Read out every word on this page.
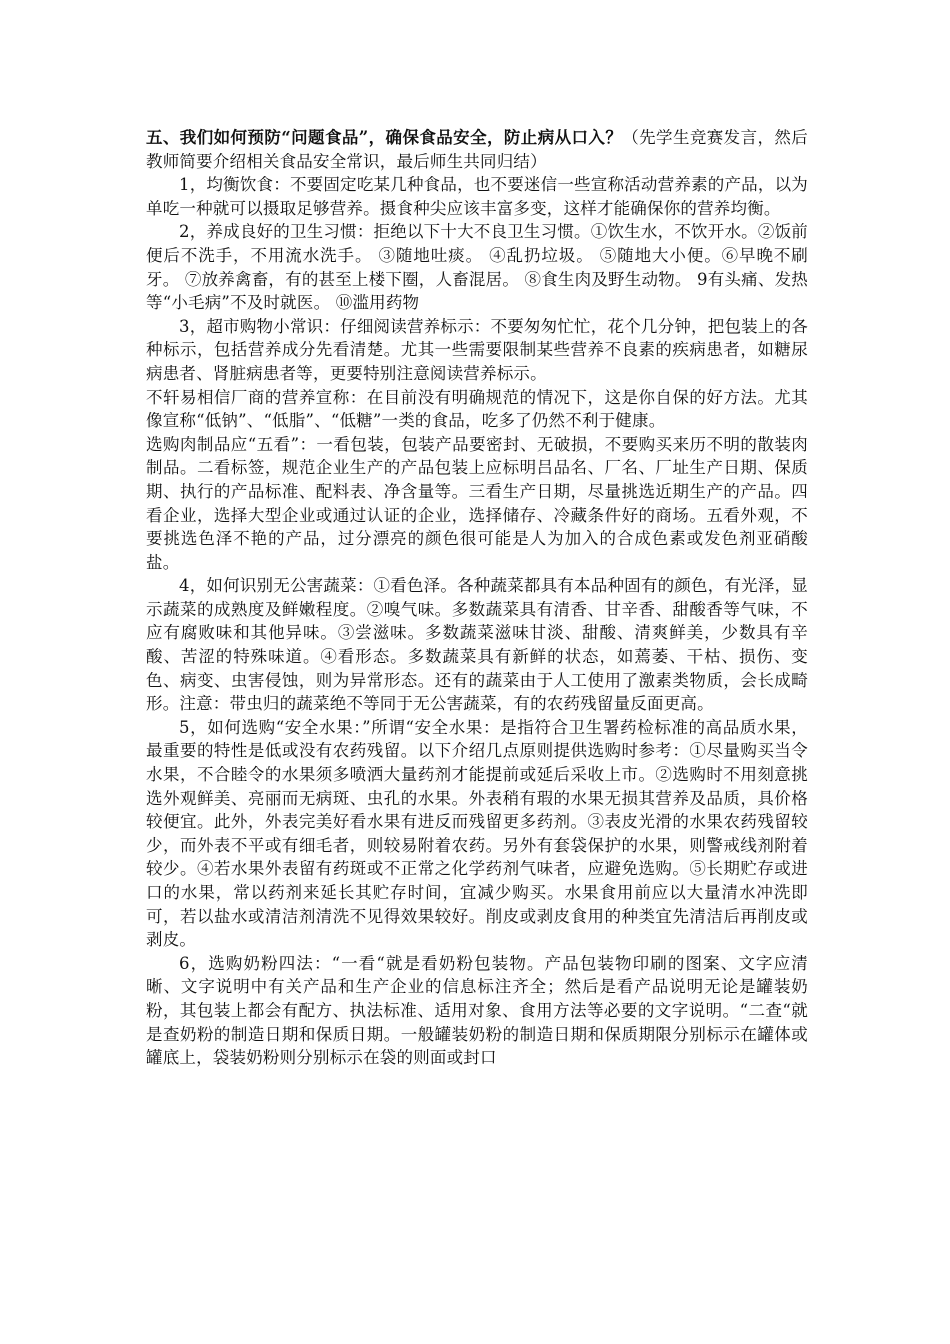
五、我们如何预防“问题食品”，确保食品安全，防止病从口入？（先学生竞赛发言，然后教师简要介绍相关食品安全常识，最后师生共同归结）

1，均衡饮食：不要固定吃某几种食品，也不要迷信一些宣称活动营养素的产品，以为单吃一种就可以摄取足够营养。摄食种尖应该丰富多变，这样才能确保你的营养均衡。

2，养成良好的卫生习惯：拒绝以下十大不良卫生习惯。①饮生水，不饮开水。②饭前便后不洗手，不用流水洗手。 ③随地吐痰。 ④乱扔垃圾。 ⑤随地大小便。⑥早晚不刷牙。 ⑦放养禽畜，有的甚至上楼下圈，人畜混居。 ⑧食生肉及野生动物。 9有头痛、发热等“小毛病”不及时就医。 ⑩滥用药物

3，超市购物小常识：仔细阅读营养标示：不要匆匆忙忙，花个几分钟，把包装上的各种标示，包括营养成分先看清楚。尤其一些需要限制某些营养不良素的疾病患者，如糖尿病患者、肾脏病患者等，更要特别注意阅读营养标示。

不轩易相信厂商的营养宣称：在目前没有明确规范的情况下，这是你自保的好方法。尤其像宣称“低钠”、“低脂”、“低糖”一类的食品，吃多了仍然不利于健康。

选购肉制品应“五看”：一看包装，包装产品要密封、无破损，不要购买来历不明的散装肉制品。二看标签，规范企业生产的产品包装上应标明吕品名、厂名、厂址生产日期、保质期、执行的产品标准、配料表、净含量等。三看生产日期，尽量挑选近期生产的产品。四看企业，选择大型企业或通过认证的企业，选择储存、冷藏条件好的商场。五看外观，不要挑选色泽不艳的产品，过分漂亮的颜色很可能是人为加入的合成色素或发色剂亚硝酸盐。

4，如何识别无公害蔬菜：①看色泽。各种蔬菜都具有本品种固有的颜色，有光泽，显示蔬菜的成熟度及鲜嫩程度。②嗅气味。多数蔬菜具有清香、甘辛香、甜酸香等气味，不应有腐败味和其他异味。③尝滋味。多数蔬菜滋味甘淡、甜酸、清爽鲜美，少数具有辛酸、苦涩的特殊味道。④看形态。多数蔬菜具有新鲜的状态，如蔫萎、干枯、损伤、变色、病变、虫害侵蚀，则为异常形态。还有的蔬菜由于人工使用了激素类物质，会长成畸形。注意：带虫归的蔬菜绝不等同于无公害蔬菜，有的农药残留量反面更高。

5，如何选购“安全水果：”所谓“安全水果：是指符合卫生署药检标准的高品质水果，最重要的特性是低或没有农药残留。以下介绍几点原则提供选购时参考：①尽量购买当令水果，不合睦令的水果须多喷洒大量药剂才能提前或延后采收上市。②选购时不用刻意挑选外观鲜美、亮丽而无病斑、虫孔的水果。外表稍有瑕的水果无损其营养及品质，具价格较便宜。此外，外表完美好看水果有进反而残留更多药剂。③表皮光滑的水果农药残留较少，而外表不平或有细毛者，则较易附着农药。另外有套袋保护的水果，则警戒线剂附着较少。④若水果外表留有药斑或不正常之化学药剂气味者，应避免选购。⑤长期贮存或进口的水果，常以药剂来延长其贮存时间，宜减少购买。水果食用前应以大量清水冲洗即可，若以盐水或清洁剂清洗不见得效果较好。削皮或剥皮食用的种类宜先清洁后再削皮或剥皮。

6，选购奶粉四法：“一看“就是看奶粉包装物。产品包装物印刷的图案、文字应清晰、文字说明中有关产品和生产企业的信息标注齐全；然后是看产品说明无论是罐装奶粉，其包装上都会有配方、执法标准、适用对象、食用方法等必要的文字说明。“二查“就是查奶粉的制造日期和保质日期。一般罐装奶粉的制造日期和保质期限分别标示在罐体或罐底上，袋装奶粉则分别标示在袋的则面或封口
